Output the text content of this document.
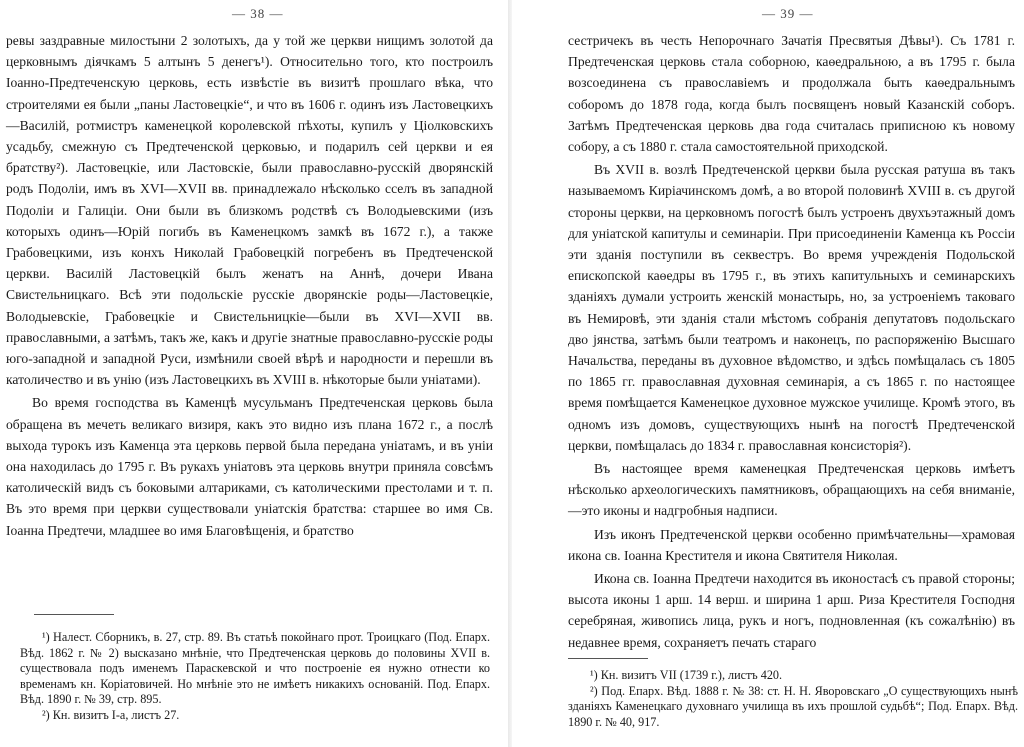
— 38 —

ревы заздравные милостыни 2 золотыхъ, да у той же церкви нищимъ золотой да церковнымъ дiячкамъ 5 алтынъ 5 денегъ¹). Относительно того, кто построилъ Iоанно-Предтеченскую церковь, есть извѣстiе въ визитѣ прошлаго вѣка, что строителями ея были „паны Ластовецкiе“, и что въ 1606 г. одинъ изъ Ластовецкихъ—Василiй, ротмистръ каменецкой королевской пѣхоты, купилъ у Цiолковскихъ усадьбу, смежную съ Предтеченской церковью, и подарилъ сей церкви и ея братству²). Ластовецкiе, или Ластовскiе, были православно-русскiй дворянскiй родъ Подолiи, имъ въ XVI—XVII вв. принадлежало нѣсколько сселъ въ западной Подолiи и Галицiи. Они были въ близкомъ родствѣ съ Володыевскими (изъ которыхъ одинъ—Юрiй погибъ въ Каменецкомъ замкѣ въ 1672 г.), а также Грабовецкими, изъ конхъ Николай Грабовецкiй погребенъ въ Предтеченской церкви. Василiй Ластовецкiй былъ женатъ на Аннѣ, дочери Ивана Свистельницкаго. Всѣ эти подольскiе русскiе дворянскiе роды—Ластовецкiе, Володыевскiе, Грабовецкiе и Свистельницкiе—были въ XVI—XVII вв. православными, а затѣмъ, такъ же, какъ и другiе знатные православно-русскiе роды юго-западной и западной Руси, измѣнили своей вѣрѣ и народности и перешли въ католичество и въ унiю (изъ Ластовецкихъ въ XVIII в. нѣкоторые были унiатами).

Во время господства въ Каменцѣ мусульманъ Предтеченская церковь была обращена въ мечеть великаго визиря, какъ это видно изъ плана 1672 г., а послѣ выхода турокъ изъ Каменца эта церковь первой была передана унiатамъ, и въ унiи она находилась до 1795 г. Въ рукахъ унiатовъ эта церковь внутри приняла совсѣмъ католическiй видъ съ боковыми алтариками, съ католическими престолами и т. п. Въ это время при церкви существовали унiатскiя братства: старшее во имя Св. Iоанна Предтечи, младшее во имя Благовѣщенiя, и братство

¹) Налест. Сборникъ, в. 27, стр. 89. Въ статьѣ покойнаго прот. Троицкаго (Под. Епарх. Вѣд. 1862 г. № 2) высказано мнѣнiе, что Предтеченская церковь до половины XVII в. существовала подъ именемъ Параскевской и что построенiе ея нужно отнести ко временамъ кн. Корiатовичей. Но мнѣнiе это не имѣетъ никакихъ основанiй. Под. Епарх. Вѣд. 1890 г. № 39, стр. 895.

²) Кн. визитъ I-а, листъ 27.

— 39 —

сестричекъ въ честь Непорочнаго Зачатiя Пресвятыя Дѣвы¹). Съ 1781 г. Предтеченская церковь стала соборною, каѳедральною, а въ 1795 г. была возсоединена съ православiемъ и продолжала быть каѳедральнымъ соборомъ до 1878 года, когда былъ посвященъ новый Казанскiй соборъ. Затѣмъ Предтеченская церковь два года считалась приписною къ новому собору, а съ 1880 г. стала самостоятельной приходской.

Въ XVII в. возлѣ Предтеченской церкви была русская ратуша въ такъ называемомъ Кирiачинскомъ домѣ, а во второй половинѣ XVIII в. съ другой стороны церкви, на церковномъ погостѣ былъ устроенъ двухъэтажный домъ для унiатской капитулы и семинарiи. При присоединенiи Каменца къ Россiи эти зданiя поступили въ секвестръ. Во время учрежденiя Подольской епископской каѳедры въ 1795 г., въ этихъ капитульныхъ и семинарскихъ зданiяхъ думали устроить женскiй монастырь, но, за устроенiемъ таковаго въ Немировѣ, эти зданiя стали мѣстомъ собранiя депутатовъ подольскаго дво јянства, затѣмъ были театромъ и наконецъ, по распоряженiю Высшаго Начальства, переданы въ духовное вѣдомство, и здѣсь помѣщалась съ 1805 по 1865 гг. православная духовная семинарiя, а съ 1865 г. по настоящее время помѣщается Каменецкое духовное мужское училище. Кромѣ этого, въ одномъ изъ домовъ, существующихъ нынѣ на погостѣ Предтеченской церкви, помѣщалась до 1834 г. православная консисторiя²).

Въ настоящее время каменецкая Предтеченская церковь имѣетъ нѣсколько археологическихъ памятниковъ, обращающихъ на себя вниманiе,—это иконы и надгробныя надписи.

Изъ иконъ Предтеченской церкви особенно примѣчательны—храмовая икона св. Iоанна Крестителя и икона Святителя Николая.

Икона св. Iоанна Предтечи находится въ иконостасѣ съ правой стороны; высота иконы 1 арш. 14 верш. и ширина 1 арш. Риза Крестителя Господня серебряная, живопись лица, рукъ и ногъ, подновленная (къ сожалѣнiю) въ недавнее время, сохраняетъ печать стараго

¹) Кн. визитъ VII (1739 г.), листъ 420.

²) Под. Епарх. Вѣд. 1888 г. № 38: ст. Н. Н. Яворовскаго „О существующихъ нынѣ зданiяхъ Каменецкаго духовнаго училища въ ихъ прошлой судьбѣ“; Под. Епарх. Вѣд. 1890 г. № 40, 917.
